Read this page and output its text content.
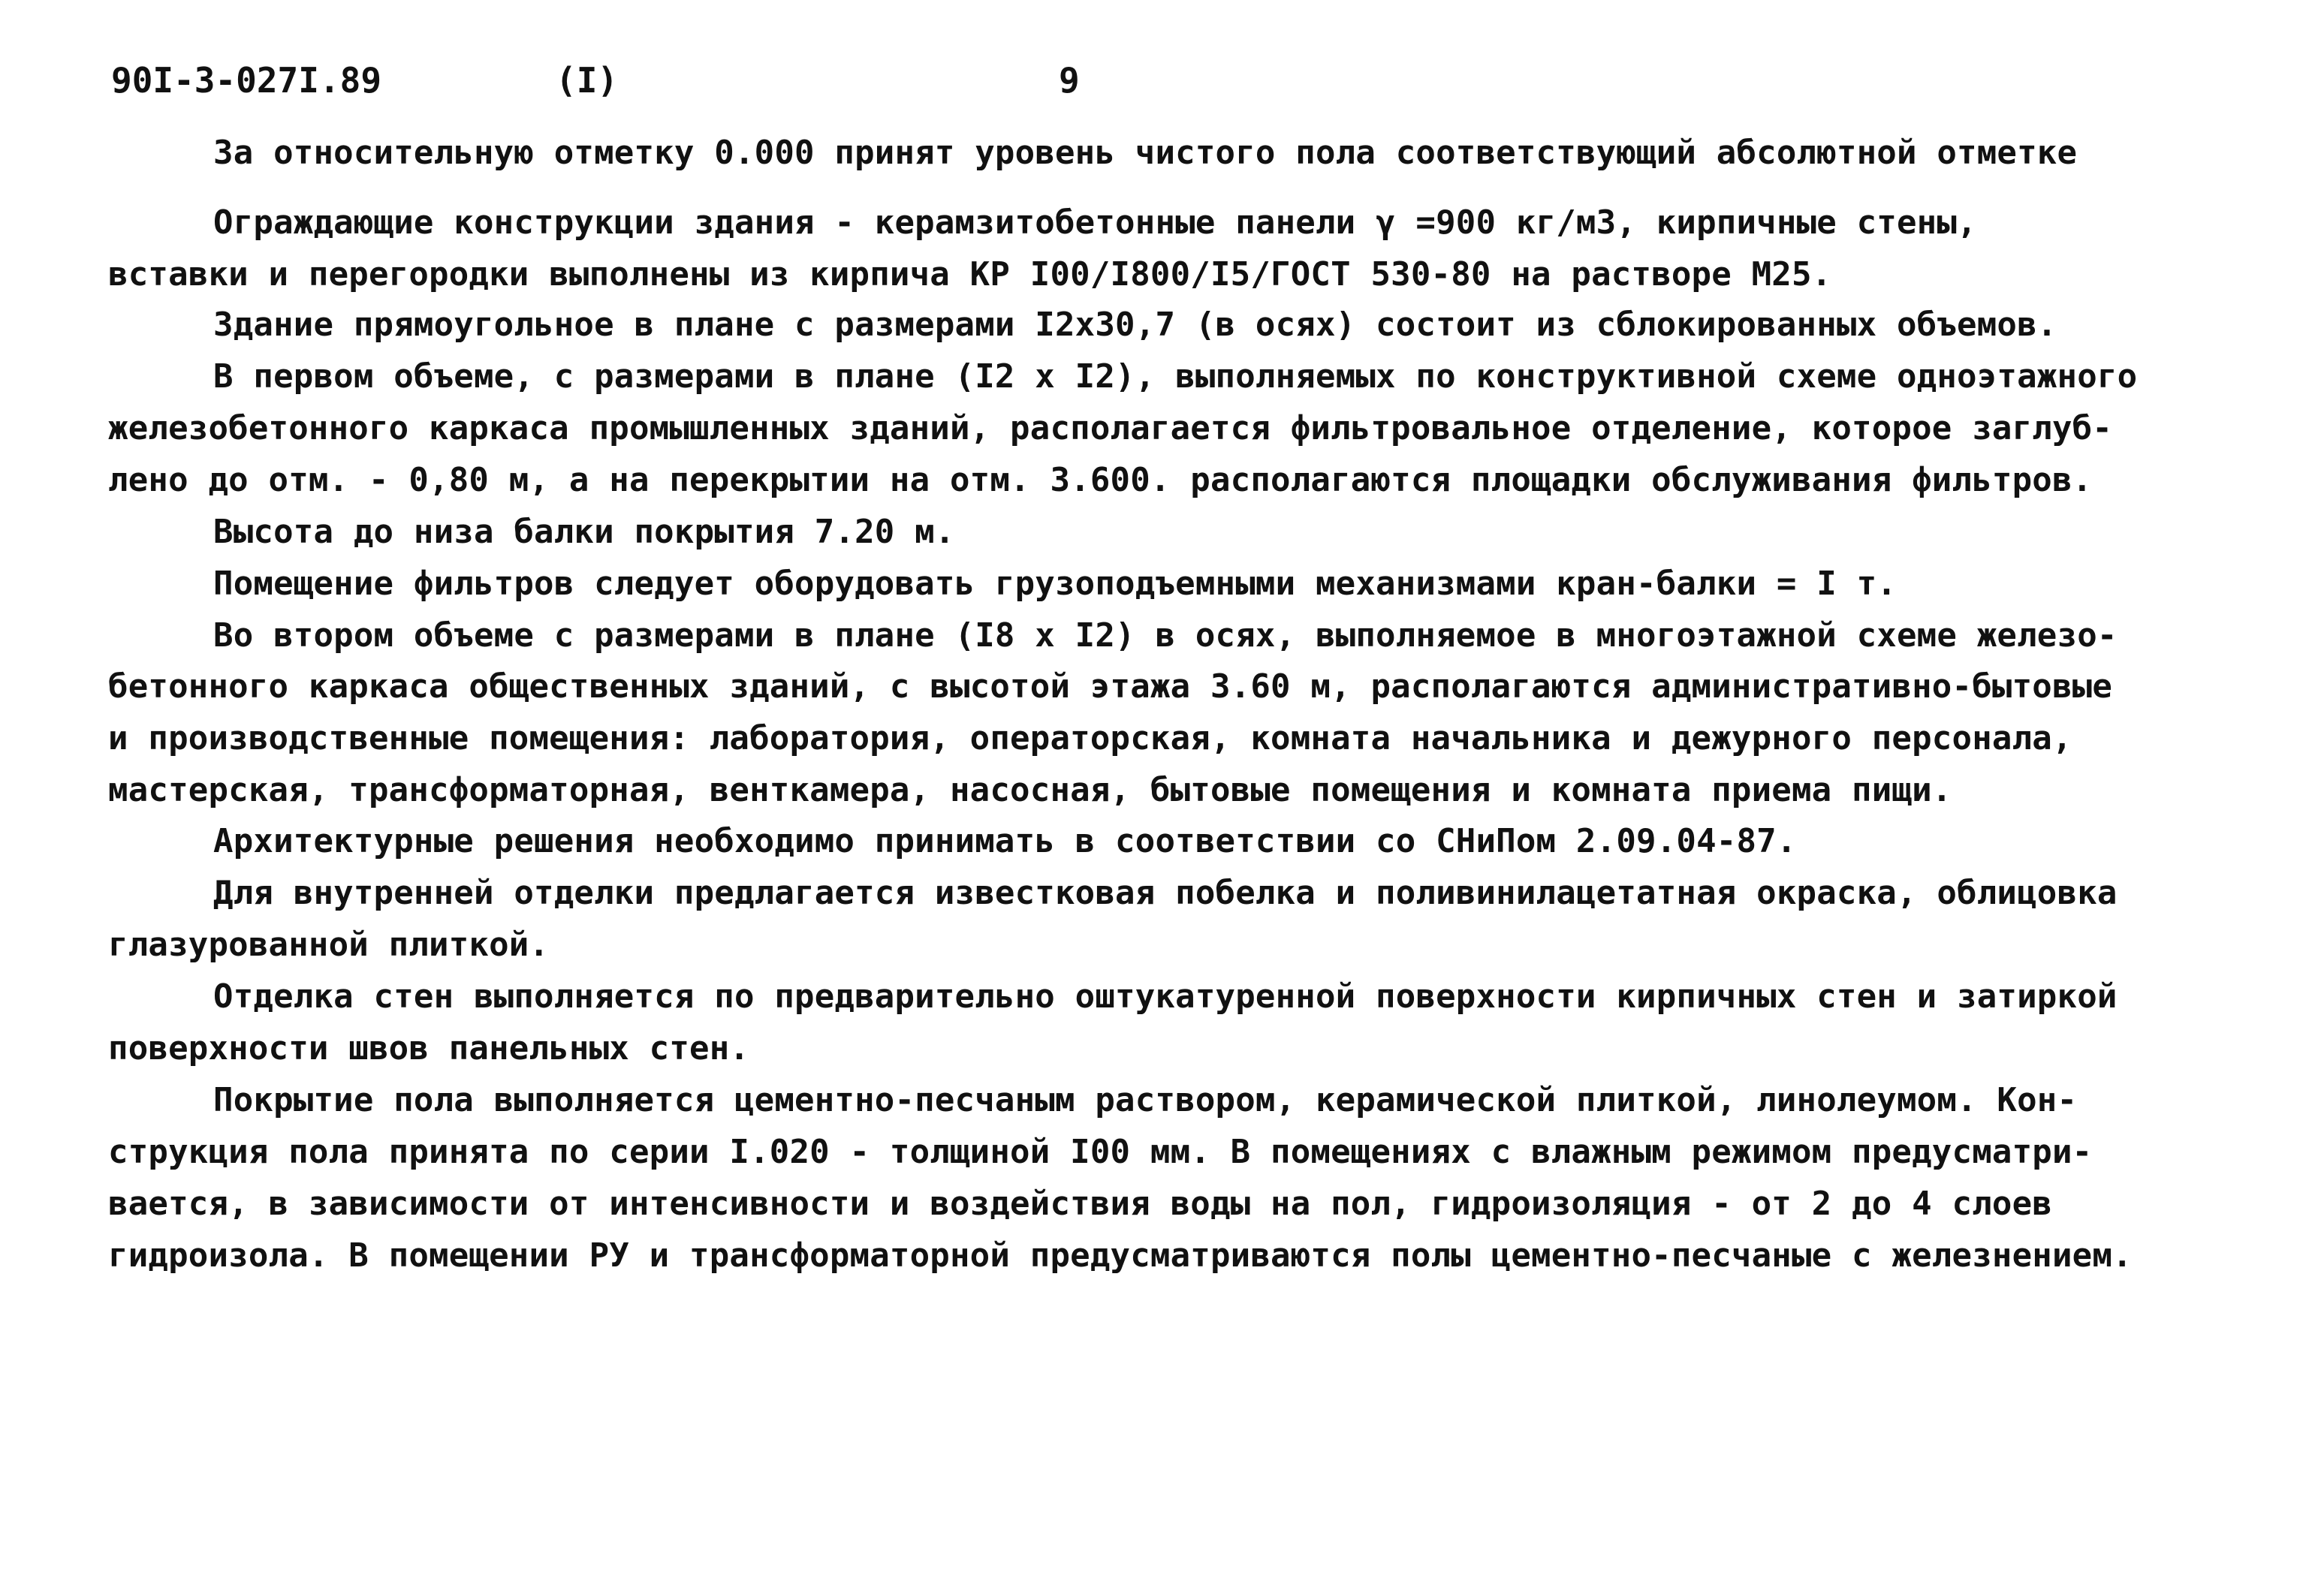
90I-3-027I.89	(I)	9
За относительную отметку 0.000 принят уровень чистого пола соответствующий абсолютной отметке
Ограждающие конструкции здания - керамзитобетонные панели γ =900 кг/м3, кирпичные стены,
вставки и перегородки выполнены из кирпича КР I00/I800/I5/ГОСТ 530-80 на растворе М25.
Здание прямоугольное в плане с размерами I2х30,7 (в осях) состоит из сблокированных объемов.
В первом объеме, с размерами в плане (I2 х I2), выполняемых по конструктивной схеме одноэтажного
железобетонного каркаса промышленных зданий, располагается фильтровальное отделение, которое заглуб-
лено до отм. - 0,80 м, а на перекрытии на отм. 3.600. располагаются площадки обслуживания фильтров.
Высота до низа балки покрытия 7.20 м.
Помещение фильтров следует оборудовать грузоподъемными механизмами кран-балки = I т.
Во втором объеме с размерами в плане (I8 х I2) в осях, выполняемое в многоэтажной схеме железо-
бетонного каркаса общественных зданий, с высотой этажа 3.60 м, располагаются административно-бытовые
и производственные помещения: лаборатория, операторская, комната начальника и дежурного персонала,
мастерская, трансформаторная, венткамера, насосная, бытовые помещения и комната приема пищи.
Архитектурные решения необходимо принимать в соответствии со СНиПом 2.09.04-87.
Для внутренней отделки предлагается известковая побелка и поливинилацетатная окраска, облицовка
глазурованной плиткой.
Отделка стен выполняется по предварительно оштукатуренной поверхности кирпичных стен и затиркой
поверхности швов панельных стен.
Покрытие пола выполняется цементно-песчаным раствором, керамической плиткой, линолеумом. Кон-
струкция пола принята по серии I.020 - толщиной I00 мм. В помещениях с влажным режимом предусматри-
вается, в зависимости от интенсивности и воздействия воды на пол, гидроизоляция - от 2 до 4 слоев
гидроизола. В помещении РУ и трансформаторной предусматриваются полы цементно-песчаные с железнением.
